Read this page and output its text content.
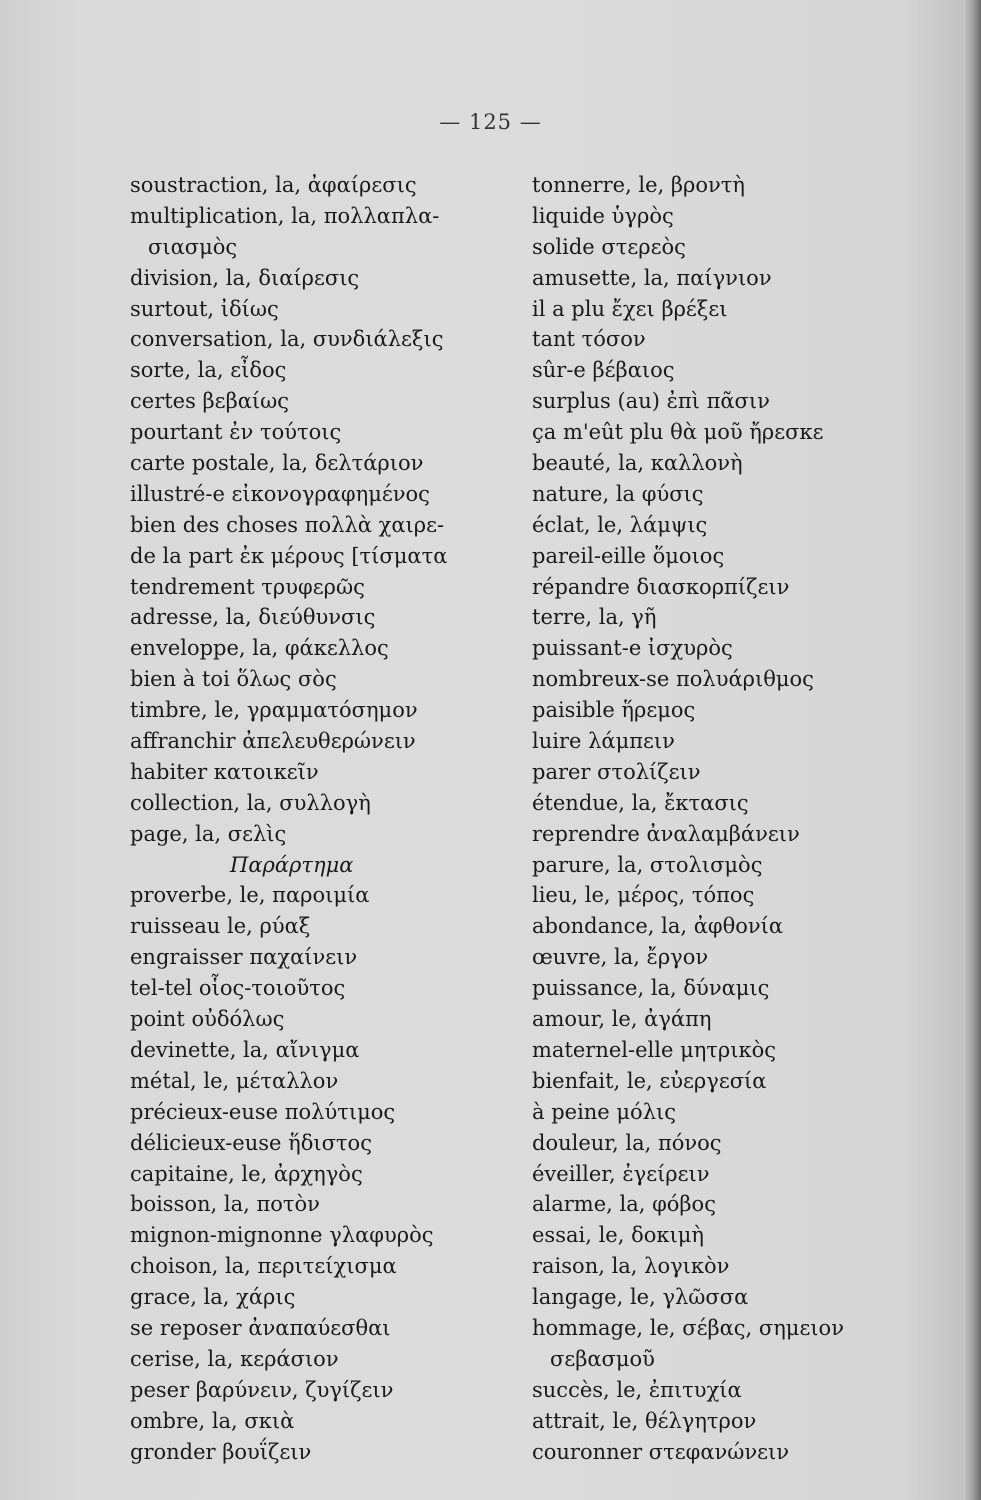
— 125 —
soustraction, la, ἀφαίρεσις
multiplication, la, πολλαπλα-
σιασμὸς
division, la, διαίρεσις
surtout, ἰδίως
conversation, la, συνδιάλεξις
sorte, la, εἶδος
certes βεβαίως
pourtant ἐν τούτοις
carte postale, la, δελτάριον
illustré-e εἰκονογραφημένος
bien des choses πολλὰ χαιρε-
de la part ἐκ μέρους [τίσματα
tendrement τρυφερῶς
adresse, la, διεύθυνσις
enveloppe, la, φάκελλος
bien à toi ὅλως σὸς
timbre, le, γραμματόσημον
affranchir ἀπελευθερώνειν
habiter κατοικεῖν
collection, la, συλλογὴ
page, la, σελὶς
Παράρτημα
proverbe, le, παροιμία
ruisseau le, ρύαξ
engraisser παχαίνειν
tel-tel οἷος-τοιοῦτος
point οὐδόλως
devinette, la, αἴνιγμα
métal, le, μέταλλον
précieux-euse πολύτιμος
délicieux-euse ἥδιστος
capitaine, le, ἀρχηγὸς
boisson, la, ποτὸν
mignon-mignonne γλαφυρὸς
choison, la, περιτείχισμα
grace, la, χάρις
se reposer ἀναπαύεσθαι
cerise, la, κεράσιον
peser βαρύνειν, ζυγίζειν
ombre, la, σκιὰ
gronder βουΐζειν
tonnerre, le, βροντὴ
liquide ὑγρὸς
solide στερεὸς
amusette, la, παίγνιον
il a plu ἔχει βρέξει
tant τόσον
sûr-e βέβαιος
surplus (au) ἐπὶ πᾶσιν
ça m'eût plu θὰ μοῦ ἤρεσκε
beauté, la, καλλονὴ
nature, la φύσις
éclat, le, λάμψις
pareil-eille ὅμοιος
répandre διασκορπίζειν
terre, la, γῆ
puissant-e ἰσχυρὸς
nombreux-se πολυάριθμος
paisible ἥρεμος
luire λάμπειν
parer στολίζειν
étendue, la, ἔκτασις
reprendre ἀναλαμβάνειν
parure, la, στολισμὸς
lieu, le, μέρος, τόπος
abondance, la, ἀφθονία
œuvre, la, ἔργον
puissance, la, δύναμις
amour, le, ἀγάπη
maternel-elle μητρικὸς
bienfait, le, εὐεργεσία
à peine μόλις
douleur, la, πόνος
éveiller, ἐγείρειν
alarme, la, φόβος
essai, le, δοκιμὴ
raison, la, λογικὸν
langage, le, γλῶσσα
hommage, le, σέβας, σημειον
σεβασμοῦ
succès, le, ἐπιτυχία
attrait, le, θέλγητρον
couronner στεφανώνειν
